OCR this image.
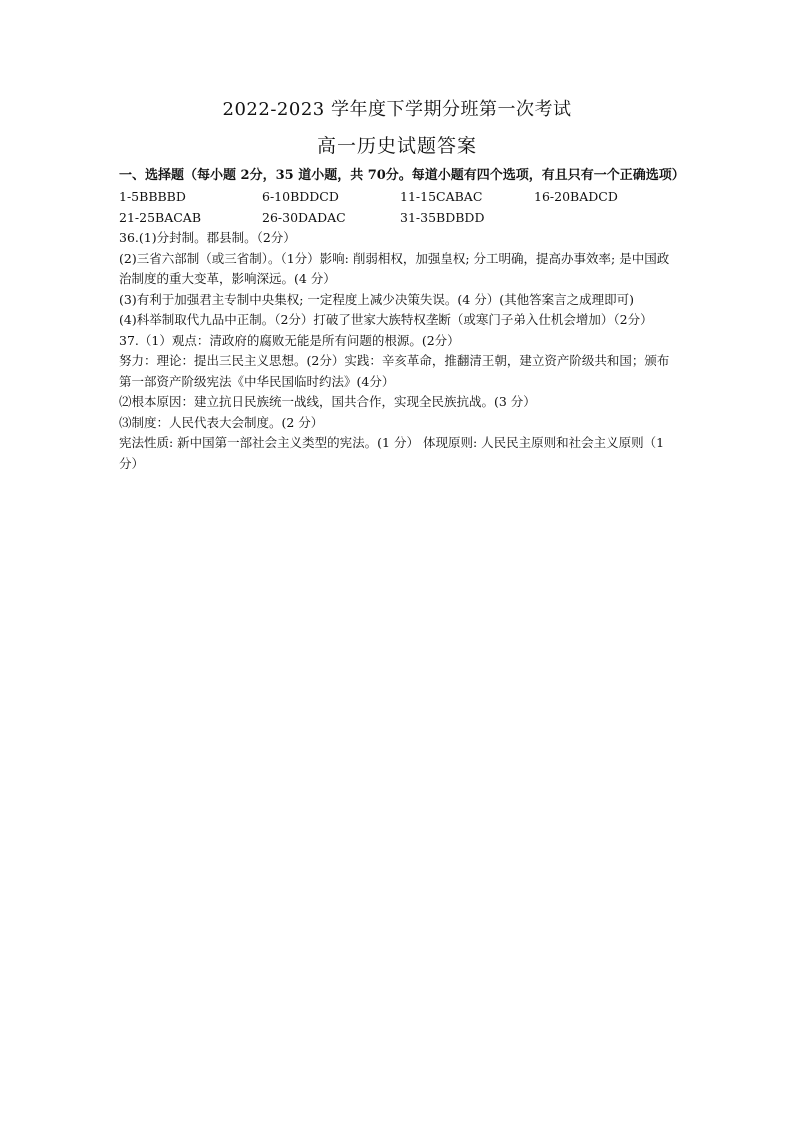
2022-2023 学年度下学期分班第一次考试
高一历史试题答案

一、选择题（每小题 2分，35 道小题，共 70分。每道小题有四个选项，有且只有一个正确选项）

1-5BBBBD	6-10BDDCD	11-15CABAC	16-20BADCD
21-25BACAB	26-30DADAC	31-35BDBDD

36.(1)分封制。郡县制。（2分）

(2)三省六部制（或三省制）。（1分）影响: 削弱相权，加强皇权; 分工明确，提高办事效率; 是中国政治制度的重大变革，影响深远。(4 分）

(3)有利于加强君主专制中央集权; 一定程度上减少决策失误。(4 分）(其他答案言之成理即可)

(4)科举制取代九品中正制。（2分）打破了世家大族特权垄断（或寒门子弟入仕机会增加）（2分）

37.（1）观点：清政府的腐败无能是所有问题的根源。(2分）

努力：理论：提出三民主义思想。(2分）实践：辛亥革命，推翻清王朝，建立资产阶级共和国；颁布第一部资产阶级宪法《中华民国临时约法》(4分）

⑵根本原因：建立抗日民族统一战线，国共合作，实现全民族抗战。(3 分）

⑶制度：人民代表大会制度。(2 分）

宪法性质: 新中国第一部社会主义类型的宪法。(1 分） 体现原则: 人民民主原则和社会主义原则（1分）
